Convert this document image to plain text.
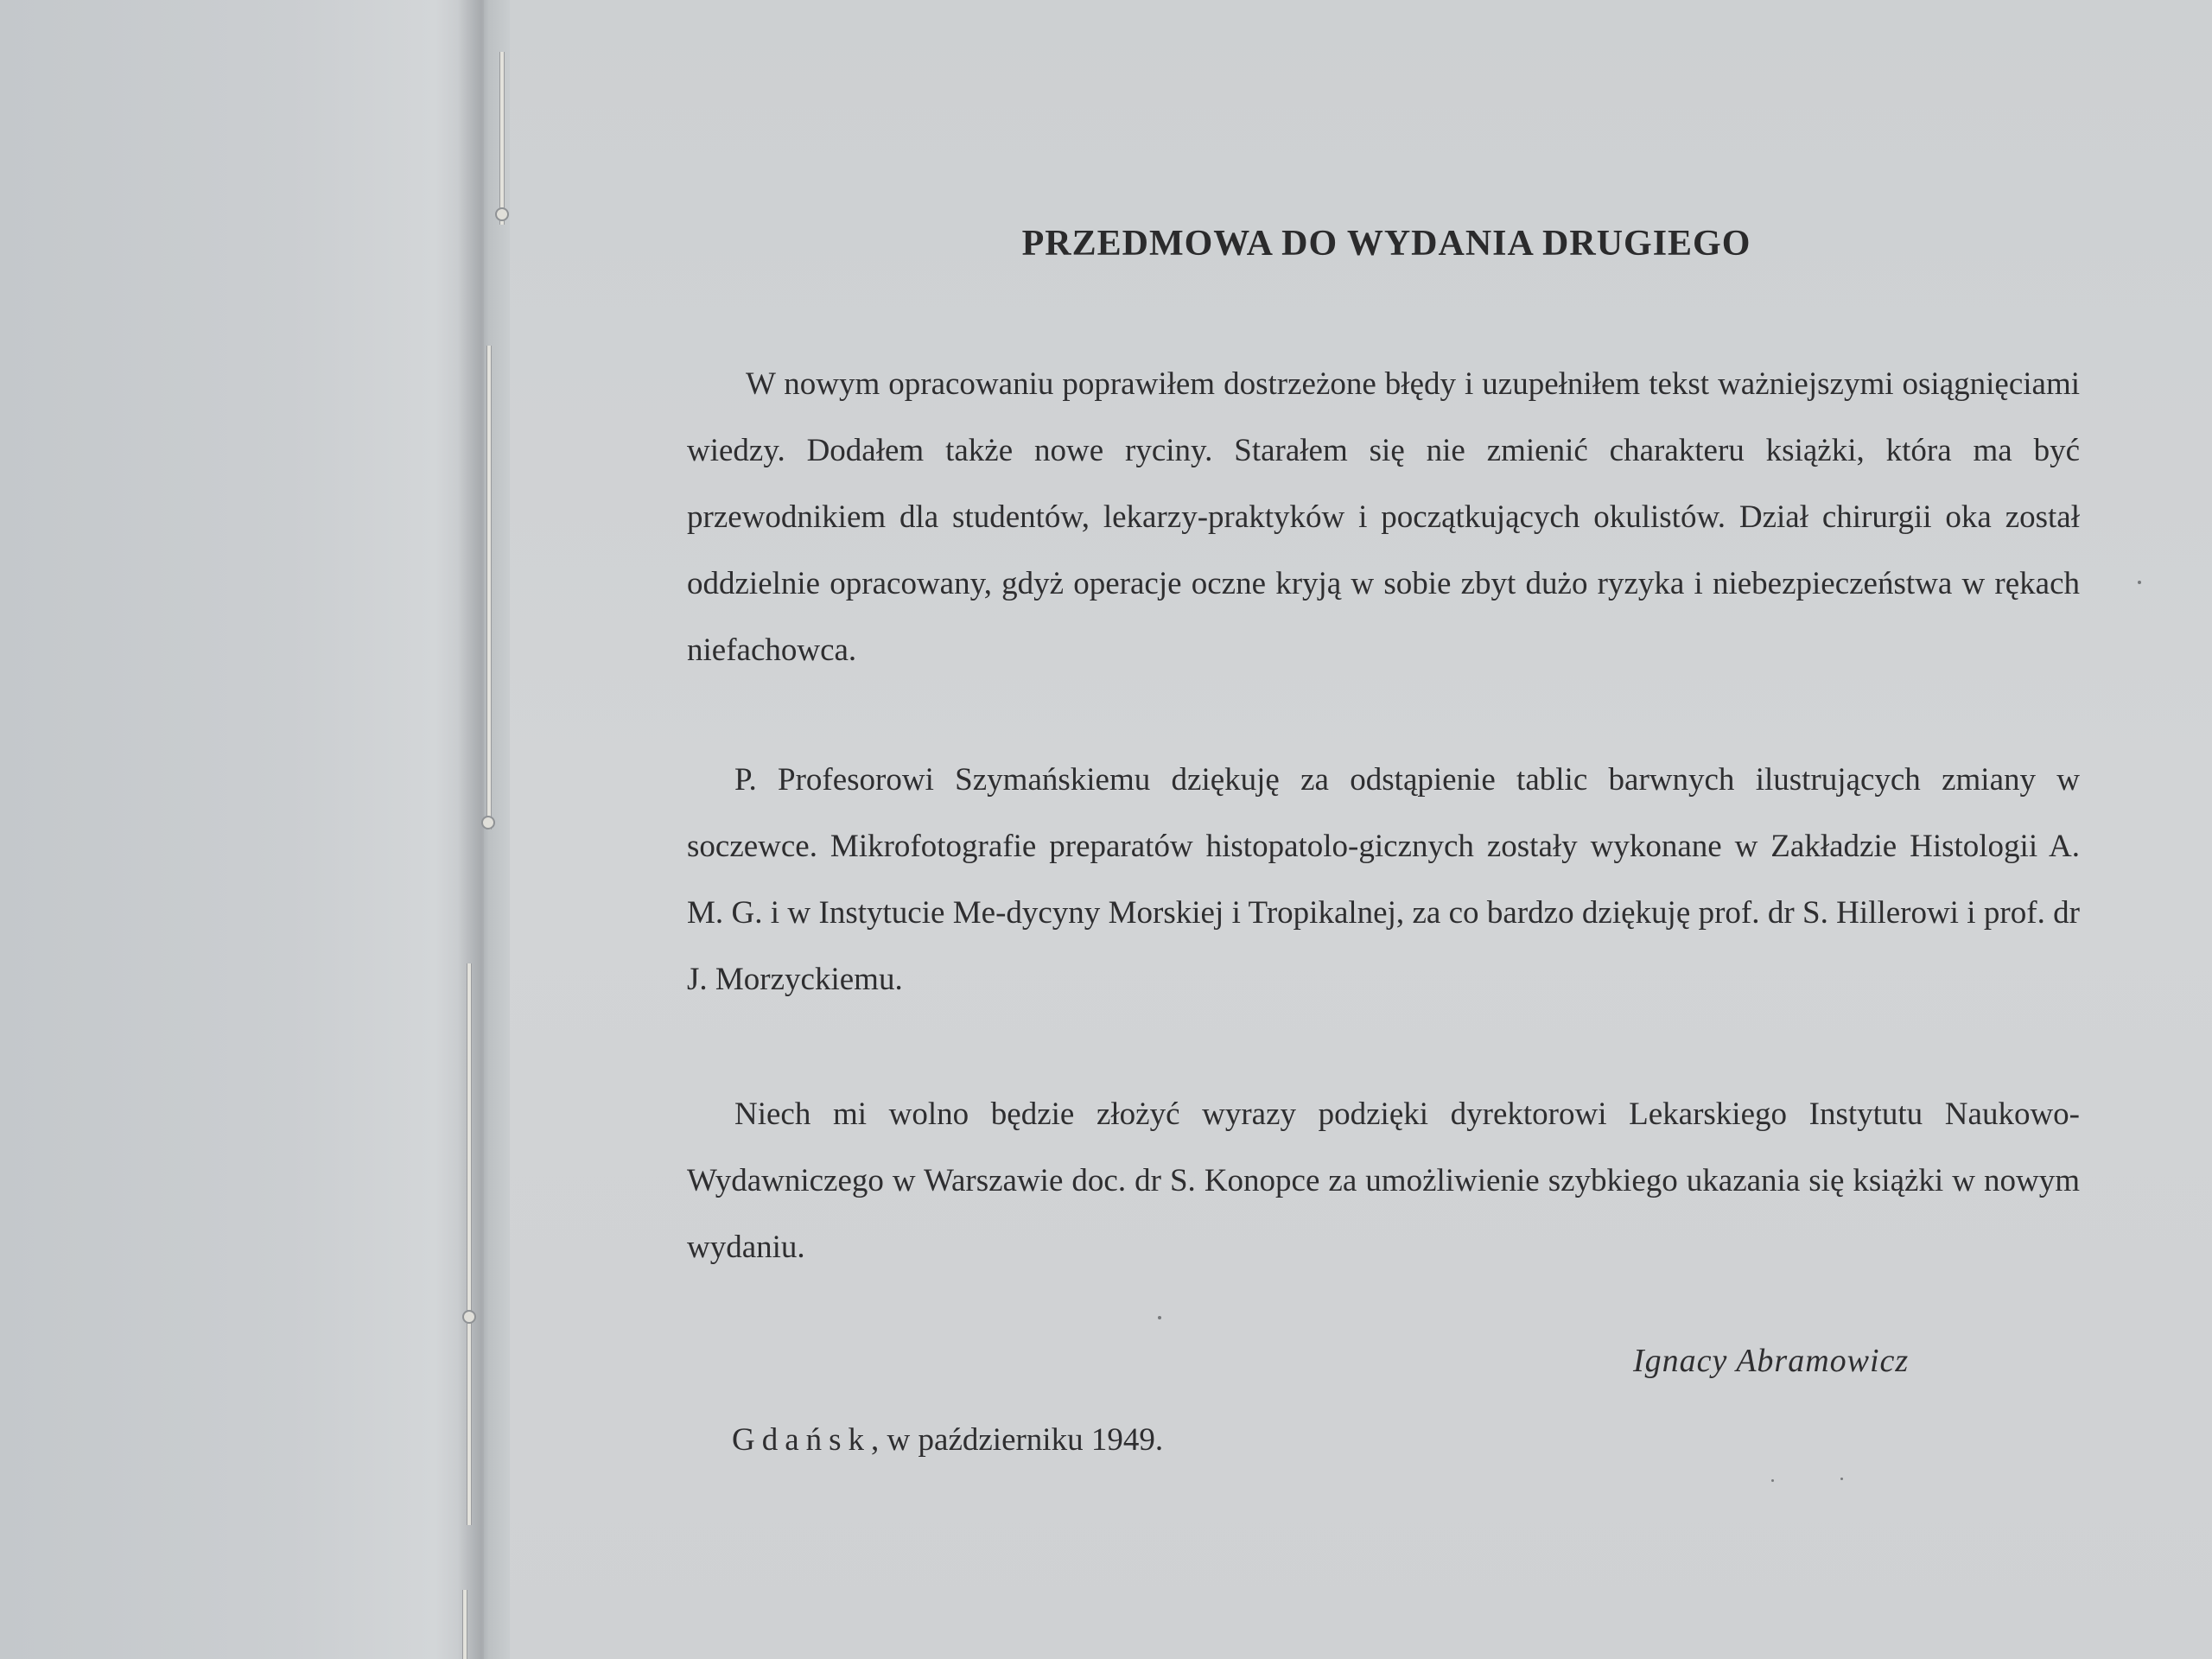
PRZEDMOWA DO WYDANIA DRUGIEGO

W nowym opracowaniu poprawiłem dostrzeżone błędy i uzupełniłem tekst ważniejszymi osiągnięciami wiedzy. Dodałem także nowe ryciny. Starałem się nie zmienić charakteru książki, która ma być przewodnikiem dla studentów, lekarzy-praktyków i początkujących okulistów. Dział chirurgii oka został oddzielnie opracowany, gdyż operacje oczne kryją w sobie zbyt dużo ryzyka i niebezpieczeństwa w rękach niefachowca.

P. Profesorowi Szymańskiemu dziękuję za odstąpienie tablic barwnych ilustrujących zmiany w soczewce. Mikrofotografie preparatów histopatolo-gicznych zostały wykonane w Zakładzie Histologii A. M. G. i w Instytucie Me-dycyny Morskiej i Tropikalnej, za co bardzo dziękuję prof. dr S. Hillerowi i prof. dr J. Morzyckiemu.

Niech mi wolno będzie złożyć wyrazy podzięki dyrektorowi Lekarskiego Instytutu Naukowo-Wydawniczego w Warszawie doc. dr S. Konopce za umożliwienie szybkiego ukazania się książki w nowym wydaniu.

Ignacy Abramowicz
Gdańsk, w październiku 1949.
